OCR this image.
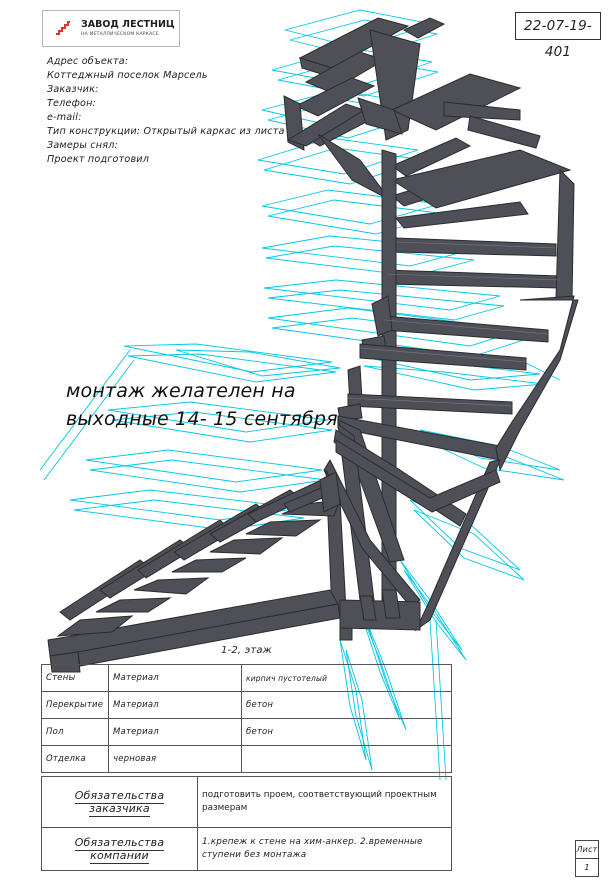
ЗАВОД ЛЕСТНИЦ
НА МЕТАЛЛИЧЕСКОМ КАРКАСЕ
22-07-19-401
Адрес объекта:
Коттеджный поселок Марсель
Заказчик:
Телефон:
e-mail:
Тип конструкции: Открытый каркас из листа
Замеры снял:
Проект подготовил
монтаж желателен на
выходные 14- 15 сентября
1-2, этаж
Стены	Материал	кирпич пустотелый
Перекрытие	Материал	бетон
Пол	Материал	бетон
Отделка	черновая	
Обязательства заказчика	подготовить проем, соответствующий проектным размерам
Обязательства компании	1.крепеж к стене на хим-анкер. 2.временные ступени без монтажа
Лист
1
